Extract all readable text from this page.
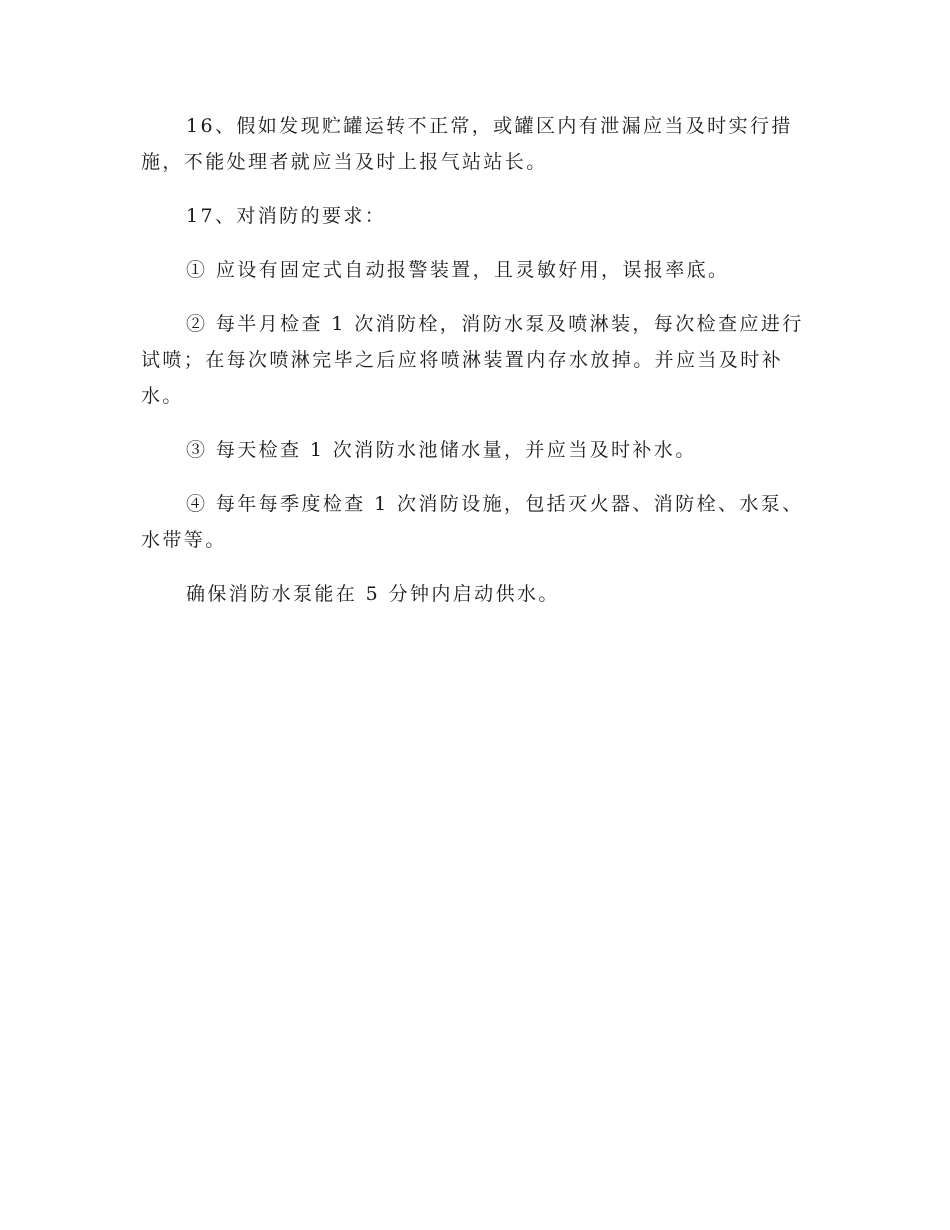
16、假如发现贮罐运转不正常，或罐区内有泄漏应当及时实行措施，不能处理者就应当及时上报气站站长。

17、对消防的要求：

① 应设有固定式自动报警装置，且灵敏好用，误报率底。

② 每半月检查 1 次消防栓，消防水泵及喷淋装，每次检查应进行试喷；在每次喷淋完毕之后应将喷淋装置内存水放掉。并应当及时补水。

③ 每天检查 1 次消防水池储水量，并应当及时补水。

④ 每年每季度检查 1 次消防设施，包括灭火器、消防栓、水泵、水带等。

确保消防水泵能在 5 分钟内启动供水。
